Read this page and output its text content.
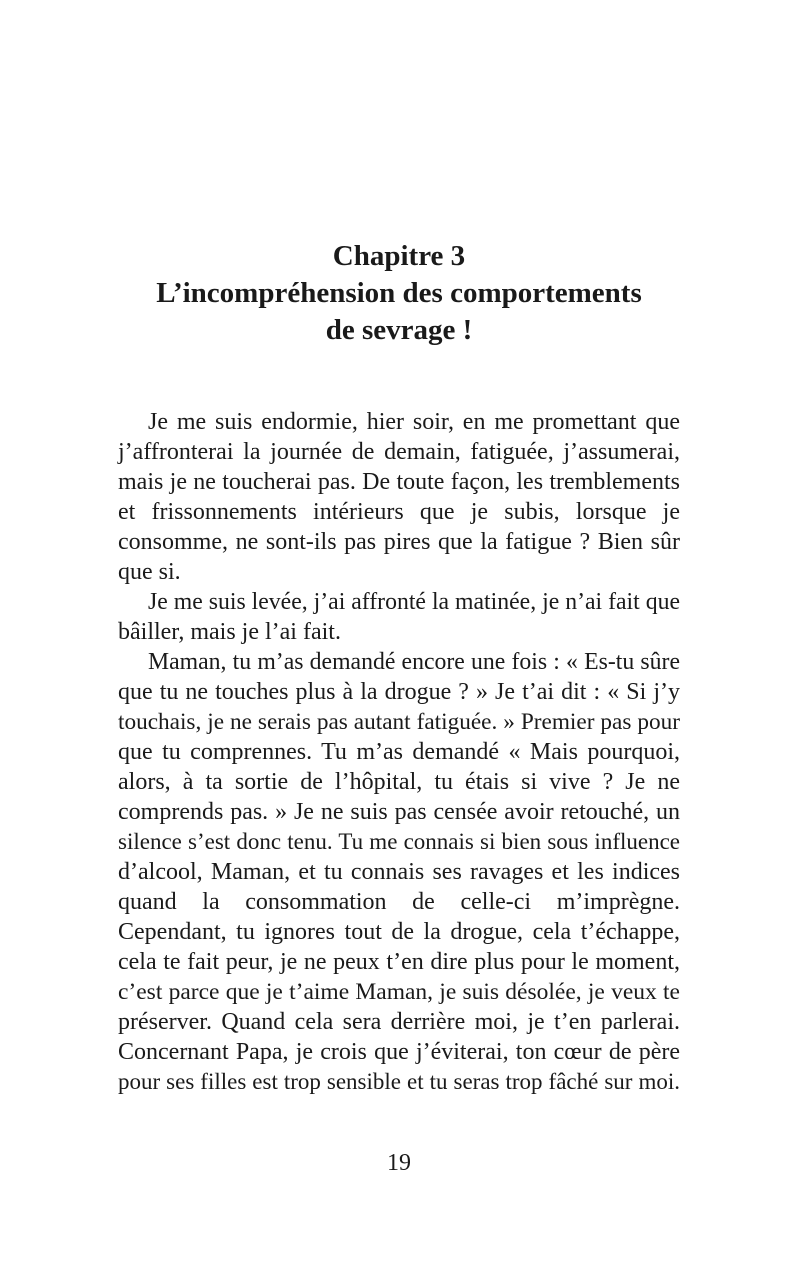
Chapitre 3
L’incompréhension des comportements
de sevrage !
Je me suis endormie, hier soir, en me promettant que
j’affronterai la journée de demain, fatiguée, j’assumerai,
mais je ne toucherai pas. De toute façon, les tremblements
et frissonnements intérieurs que je subis, lorsque je
consomme, ne sont-ils pas pires que la fatigue ? Bien sûr
que si.
Je me suis levée, j’ai affronté la matinée, je n’ai fait que
bâiller, mais je l’ai fait.
Maman, tu m’as demandé encore une fois : « Es-tu sûre
que tu ne touches plus à la drogue ? » Je t’ai dit : « Si j’y
touchais, je ne serais pas autant fatiguée. » Premier pas pour
que tu comprennes. Tu m’as demandé « Mais pourquoi,
alors, à ta sortie de l’hôpital, tu étais si vive ? Je ne
comprends pas. » Je ne suis pas censée avoir retouché, un
silence s’est donc tenu. Tu me connais si bien sous influence
d’alcool, Maman, et tu connais ses ravages et les indices
quand la consommation de celle-ci m’imprègne.
Cependant, tu ignores tout de la drogue, cela t’échappe,
cela te fait peur, je ne peux t’en dire plus pour le moment,
c’est parce que je t’aime Maman, je suis désolée, je veux te
préserver. Quand cela sera derrière moi, je t’en parlerai.
Concernant Papa, je crois que j’éviterai, ton cœur de père
pour ses filles est trop sensible et tu seras trop fâché sur moi.
19
